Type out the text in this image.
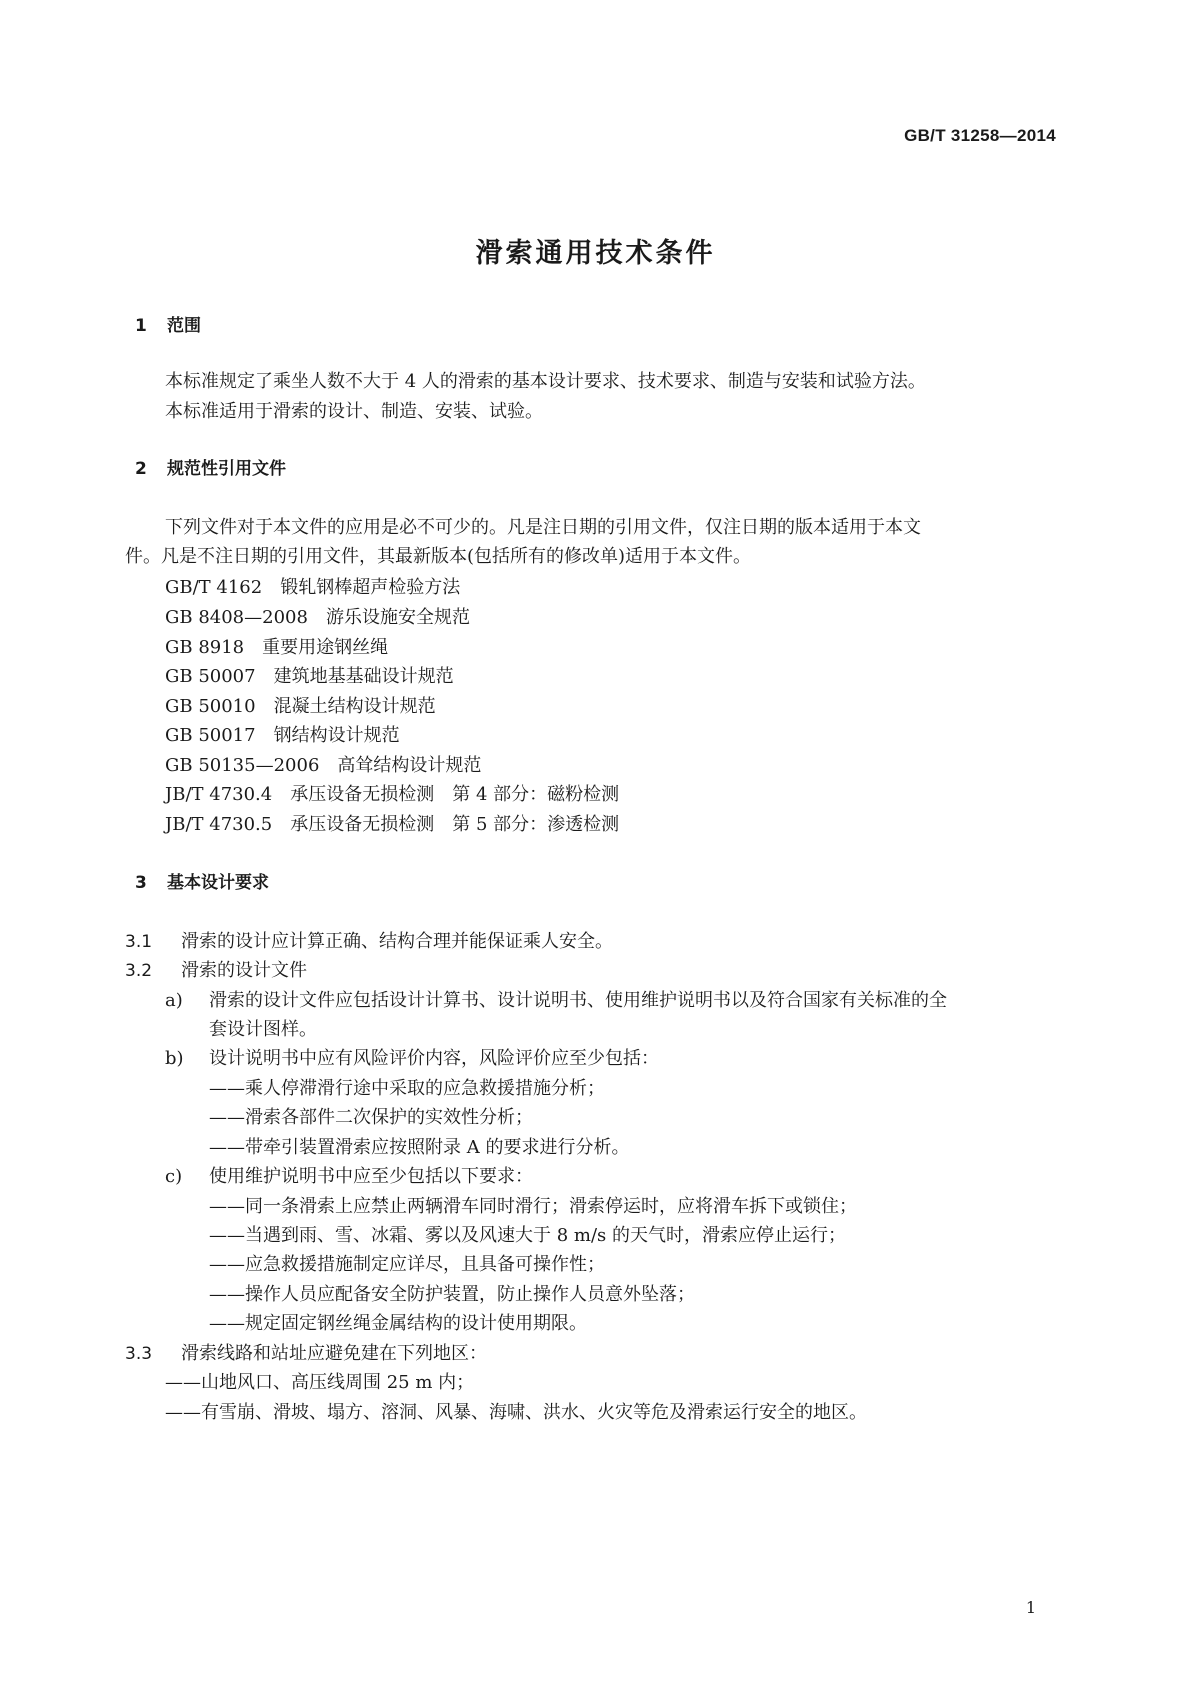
GB/T 31258—2014
滑索通用技术条件
1 范围
本标准规定了乘坐人数不大于 4 人的滑索的基本设计要求、技术要求、制造与安装和试验方法。
本标准适用于滑索的设计、制造、安装、试验。
2 规范性引用文件
下列文件对于本文件的应用是必不可少的。凡是注日期的引用文件，仅注日期的版本适用于本文
件。凡是不注日期的引用文件，其最新版本(包括所有的修改单)适用于本文件。
GB/T 4162 锻轧钢棒超声检验方法
GB 8408—2008 游乐设施安全规范
GB 8918 重要用途钢丝绳
GB 50007 建筑地基基础设计规范
GB 50010 混凝土结构设计规范
GB 50017 钢结构设计规范
GB 50135—2006 高耸结构设计规范
JB/T 4730.4 承压设备无损检测　第 4 部分：磁粉检测
JB/T 4730.5 承压设备无损检测　第 5 部分：渗透检测
3 基本设计要求
3.1 滑索的设计应计算正确、结构合理并能保证乘人安全。
3.2 滑索的设计文件
a) 滑索的设计文件应包括设计计算书、设计说明书、使用维护说明书以及符合国家有关标准的全
套设计图样。
b) 设计说明书中应有风险评价内容，风险评价应至少包括：
——乘人停滞滑行途中采取的应急救援措施分析；
——滑索各部件二次保护的实效性分析；
——带牵引装置滑索应按照附录 A 的要求进行分析。
c) 使用维护说明书中应至少包括以下要求：
——同一条滑索上应禁止两辆滑车同时滑行；滑索停运时，应将滑车拆下或锁住；
——当遇到雨、雪、冰霜、雾以及风速大于 8 m/s 的天气时，滑索应停止运行；
——应急救援措施制定应详尽，且具备可操作性；
——操作人员应配备安全防护装置，防止操作人员意外坠落；
——规定固定钢丝绳金属结构的设计使用期限。
3.3 滑索线路和站址应避免建在下列地区：
——山地风口、高压线周围 25 m 内；
——有雪崩、滑坡、塌方、溶洞、风暴、海啸、洪水、火灾等危及滑索运行安全的地区。
1
